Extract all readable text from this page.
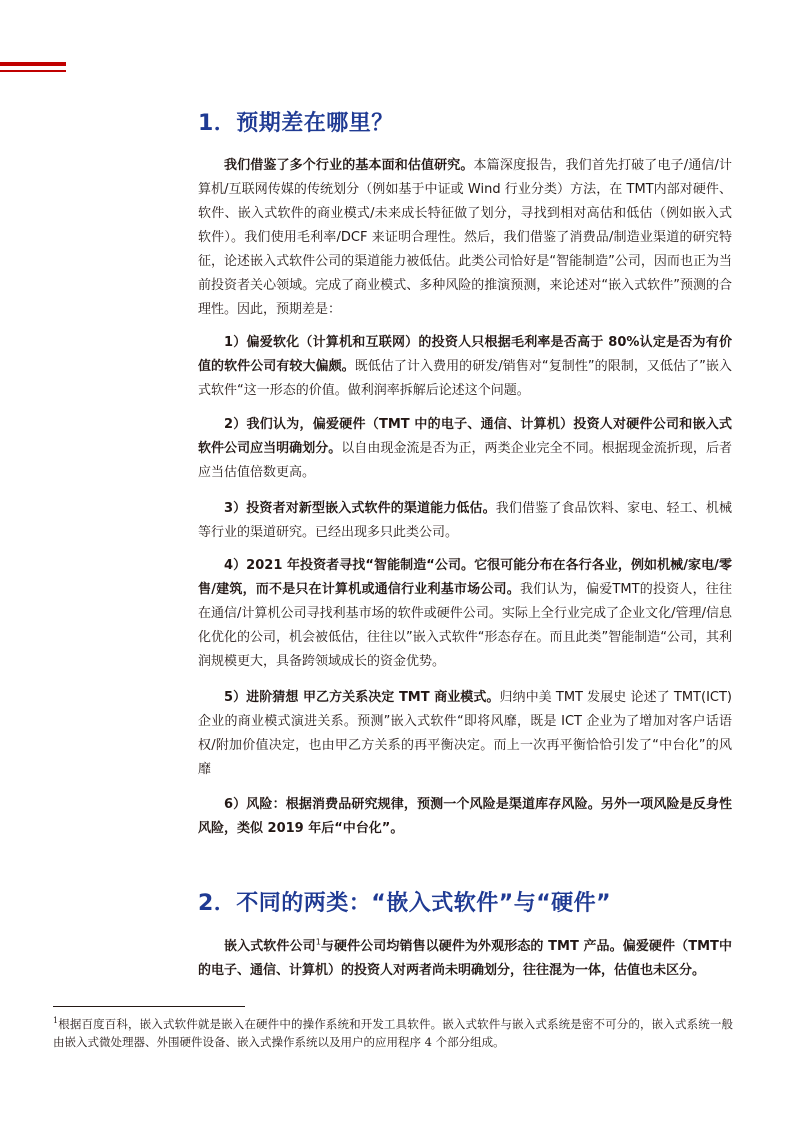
1．预期差在哪里？

我们借鉴了多个行业的基本面和估值研究。本篇深度报告，我们首先打破了电子/通信/计算机/互联网传媒的传统划分（例如基于中证或 Wind 行业分类）方法，在 TMT内部对硬件、软件、嵌入式软件的商业模式/未来成长特征做了划分，寻找到相对高估和低估（例如嵌入式软件）。我们使用毛利率/DCF 来证明合理性。然后，我们借鉴了消费品/制造业渠道的研究特征，论述嵌入式软件公司的渠道能力被低估。此类公司恰好是“智能制造”公司，因而也正为当前投资者关心领域。完成了商业模式、多种风险的推演预测，来论述对“嵌入式软件”预测的合理性。因此，预期差是：

1）偏爱软化（计算机和互联网）的投资人只根据毛利率是否高于 80%认定是否为有价值的软件公司有较大偏颇。既低估了计入费用的研发/销售对“复制性”的限制，又低估了”嵌入式软件“这一形态的价值。做利润率拆解后论述这个问题。

2）我们认为，偏爱硬件（TMT 中的电子、通信、计算机）投资人对硬件公司和嵌入式软件公司应当明确划分。以自由现金流是否为正，两类企业完全不同。根据现金流折现，后者应当估值倍数更高。

3）投资者对新型嵌入式软件的渠道能力低估。我们借鉴了食品饮料、家电、轻工、机械等行业的渠道研究。已经出现多只此类公司。

4）2021 年投资者寻找“智能制造“公司。它很可能分布在各行各业，例如机械/家电/零售/建筑，而不是只在计算机或通信行业利基市场公司。我们认为，偏爱TMT的投资人，往往在通信/计算机公司寻找利基市场的软件或硬件公司。实际上全行业完成了企业文化/管理/信息化优化的公司，机会被低估，往往以”嵌入式软件“形态存在。而且此类”智能制造“公司，其利润规模更大，具备跨领域成长的资金优势。

5）进阶猜想 甲乙方关系决定 TMT 商业模式。归纳中美 TMT 发展史 论述了 TMT(ICT)企业的商业模式演进关系。预测”嵌入式软件“即将风靡，既是 ICT 企业为了增加对客户话语权/附加价值决定，也由甲乙方关系的再平衡决定。而上一次再平衡恰恰引发了“中台化”的风靡

6）风险：根据消费品研究规律，预测一个风险是渠道库存风险。另外一项风险是反身性风险，类似 2019 年后“中台化”。

2．不同的两类：“嵌入式软件”与“硬件”

嵌入式软件公司$^1$与硬件公司均销售以硬件为外观形态的 TMT 产品。偏爱硬件（TMT中的电子、通信、计算机）的投资人对两者尚未明确划分，往往混为一体，估值也未区分。

$^1$根据百度百科，嵌入式软件就是嵌入在硬件中的操作系统和开发工具软件。嵌入式软件与嵌入式系统是密不可分的，嵌入式系统一般由嵌入式微处理器、外围硬件设备、嵌入式操作系统以及用户的应用程序 4 个部分组成。
